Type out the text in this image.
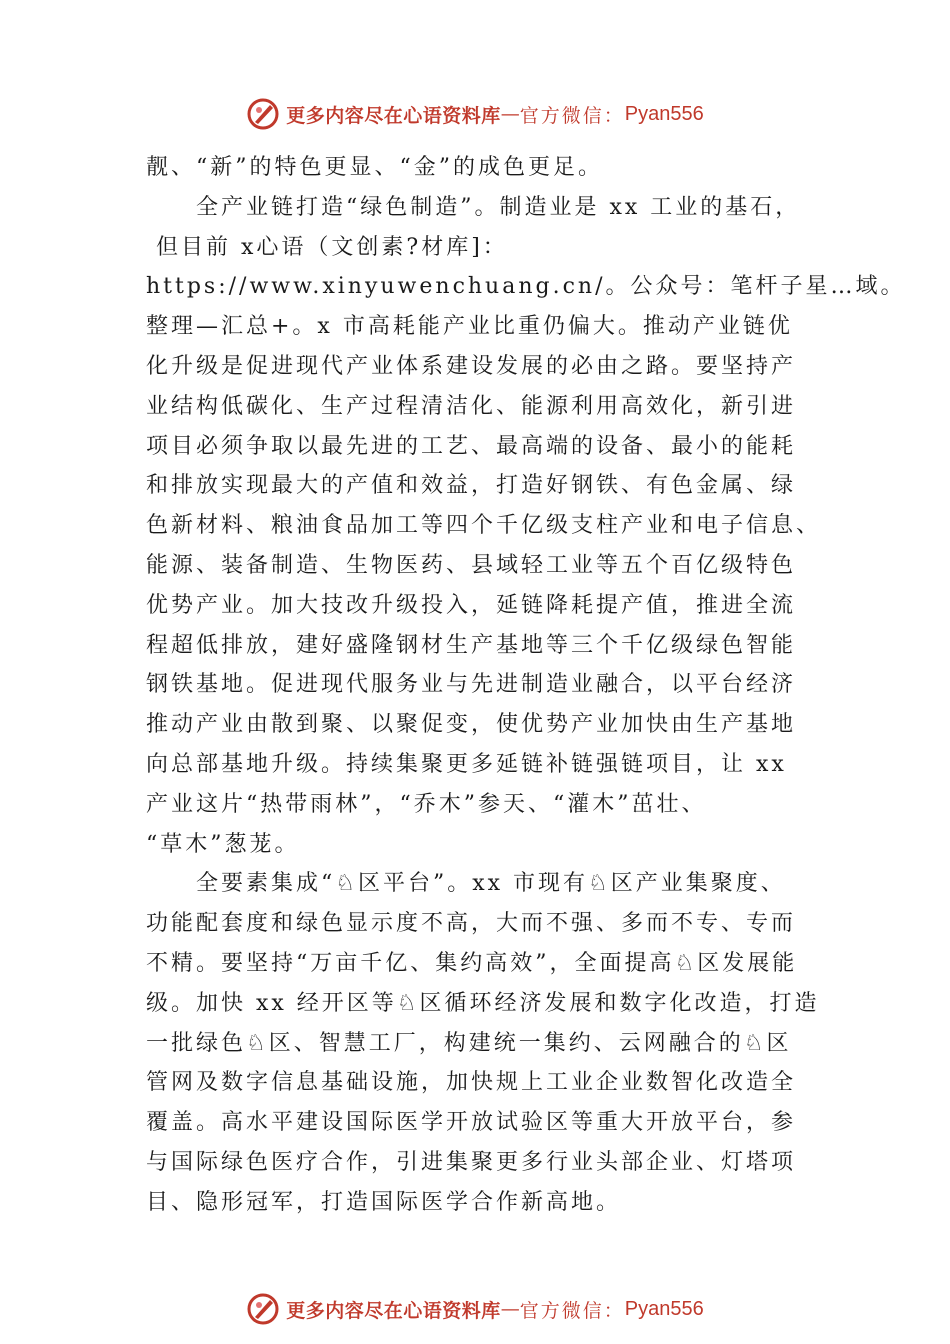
更多内容尽在心语资料库 — 官方微信： Pyan556
靓、“新”的特色更显、“金”的成色更足。
全产业链打造“绿色制造”。制造业是 xx 工业的基石，
但目前 x心语（文创素?材库]：
https://www.xinyuwenchuang.cn/。公众号：笔杆子星…域。
整理—汇总+。x 市高耗能产业比重仍偏大。推动产业链优
化升级是促进现代产业体系建设发展的必由之路。要坚持产
业结构低碳化、生产过程清洁化、能源利用高效化，新引进
项目必须争取以最先进的工艺、最高端的设备、最小的能耗
和排放实现最大的产值和效益，打造好钢铁、有色金属、绿
色新材料、粮油食品加工等四个千亿级支柱产业和电子信息、
能源、装备制造、生物医药、县域轻工业等五个百亿级特色
优势产业。加大技改升级投入，延链降耗提产值，推进全流
程超低排放，建好盛隆钢材生产基地等三个千亿级绿色智能
钢铁基地。促进现代服务业与先进制造业融合，以平台经济
推动产业由散到聚、以聚促变，使优势产业加快由生产基地
向总部基地升级。持续集聚更多延链补链强链项目，让 xx
产业这片“热带雨林”，“乔木”参天、“灌木”茁壮、
“草木”葱茏。
全要素集成“♘区平台”。xx 市现有♘区产业集聚度、
功能配套度和绿色显示度不高，大而不强、多而不专、专而
不精。要坚持“万亩千亿、集约高效”，全面提高♘区发展能
级。加快 xx 经开区等♘区循环经济发展和数字化改造，打造
一批绿色♘区、智慧工厂，构建统一集约、云网融合的♘区
管网及数字信息基础设施，加快规上工业企业数智化改造全
覆盖。高水平建设国际医学开放试验区等重大开放平台，参
与国际绿色医疗合作，引进集聚更多行业头部企业、灯塔项
目、隐形冠军，打造国际医学合作新高地。
更多内容尽在心语资料库 — 官方微信： Pyan556
